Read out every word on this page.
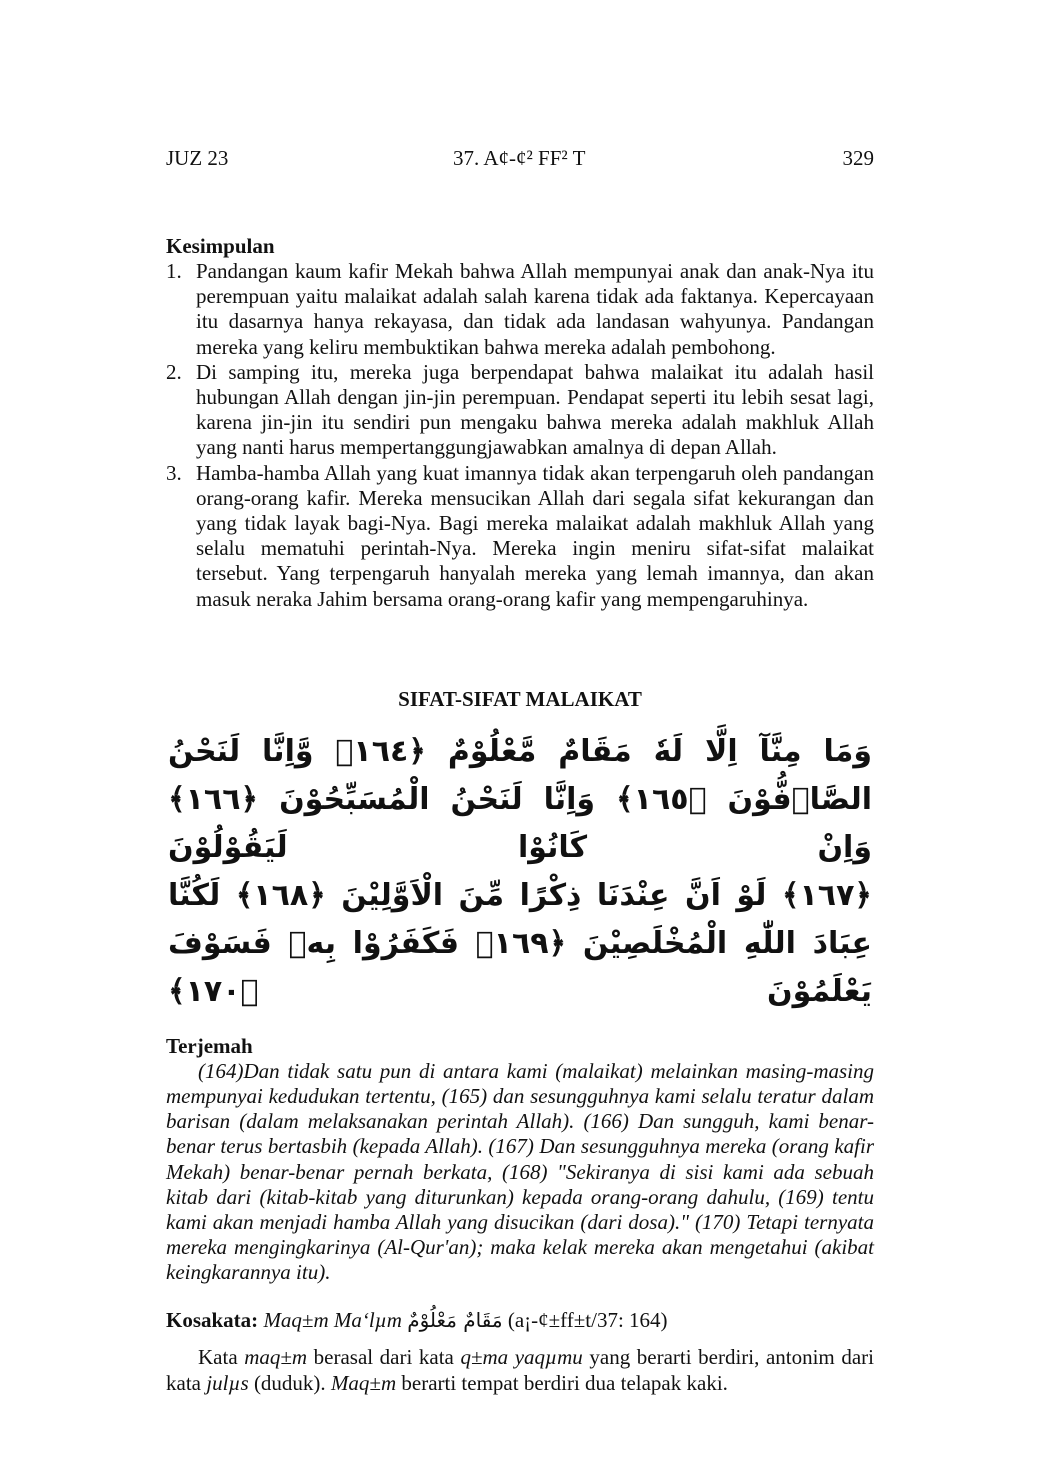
JUZ 23	37. A¢-¢² FF² T	329
Kesimpulan
1. Pandangan kaum kafir Mekah bahwa Allah mempunyai anak dan anak-Nya itu perempuan yaitu malaikat adalah salah karena tidak ada faktanya. Kepercayaan itu dasarnya hanya rekayasa, dan tidak ada landasan wahyunya. Pandangan mereka yang keliru membuktikan bahwa mereka adalah pembohong.
2. Di samping itu, mereka juga berpendapat bahwa malaikat itu adalah hasil hubungan Allah dengan jin-jin perempuan. Pendapat seperti itu lebih sesat lagi, karena jin-jin itu sendiri pun mengaku bahwa mereka adalah makhluk Allah yang nanti harus mempertanggungjawabkan amalnya di depan Allah.
3. Hamba-hamba Allah yang kuat imannya tidak akan terpengaruh oleh pandangan orang-orang kafir. Mereka mensucikan Allah dari segala sifat kekurangan dan yang tidak layak bagi-Nya. Bagi mereka malaikat adalah makhluk Allah yang selalu mematuhi perintah-Nya. Mereka ingin meniru sifat-sifat malaikat tersebut. Yang terpengaruh hanyalah mereka yang lemah imannya, dan akan masuk neraka Jahim bersama orang-orang kafir yang mempengaruhinya.
SIFAT-SIFAT MALAIKAT
وَمَا مِنَّآ اِلَّا لَهٗ مَقَامٌ مَّعْلُوْمٌ ﴿١٦٤﴾ وَّاِنَّا لَنَحْنُ الصَّاۤفُّوْنَ ﴿١٦٥﴾ وَاِنَّا لَنَحْنُ الْمُسَبِّحُوْنَ ﴿١٦٦﴾ وَاِنْ كَانُوْا لَيَقُوْلُوْنَ
﴿١٦٧﴾ لَوْ اَنَّ عِنْدَنَا ذِكْرًا مِّنَ الْاَوَّلِيْنَ ﴿١٦٨﴾ لَكُنَّا عِبَادَ اللّٰهِ الْمُخْلَصِيْنَ ﴿١٦٩﴾ فَكَفَرُوْا بِهٖ فَسَوْفَ يَعْلَمُوْنَ ﴿١٧٠﴾
Terjemah

(164)Dan tidak satu pun di antara kami (malaikat) melainkan masing-masing mempunyai kedudukan tertentu, (165) dan sesungguhnya kami selalu teratur dalam barisan (dalam melaksanakan perintah Allah). (166) Dan sungguh, kami benar-benar terus bertasbih (kepada Allah). (167) Dan sesungguhnya mereka (orang kafir Mekah) benar-benar pernah berkata, (168) "Sekiranya di sisi kami ada sebuah kitab dari (kitab-kitab yang diturunkan) kepada orang-orang dahulu, (169) tentu kami akan menjadi hamba Allah yang disucikan (dari dosa)." (170) Tetapi ternyata mereka mengingkarinya (Al-Qur'an); maka kelak mereka akan mengetahui (akibat keingkarannya itu).

Kosakata: Maq±m Ma‘lµm مَقَامٌ مَعْلُوْمٌ (a¡-¢±ff±t/37: 164)

Kata maq±m berasal dari kata q±ma yaqµmu yang berarti berdiri, antonim dari kata julµs (duduk). Maq±m berarti tempat berdiri dua telapak kaki.
